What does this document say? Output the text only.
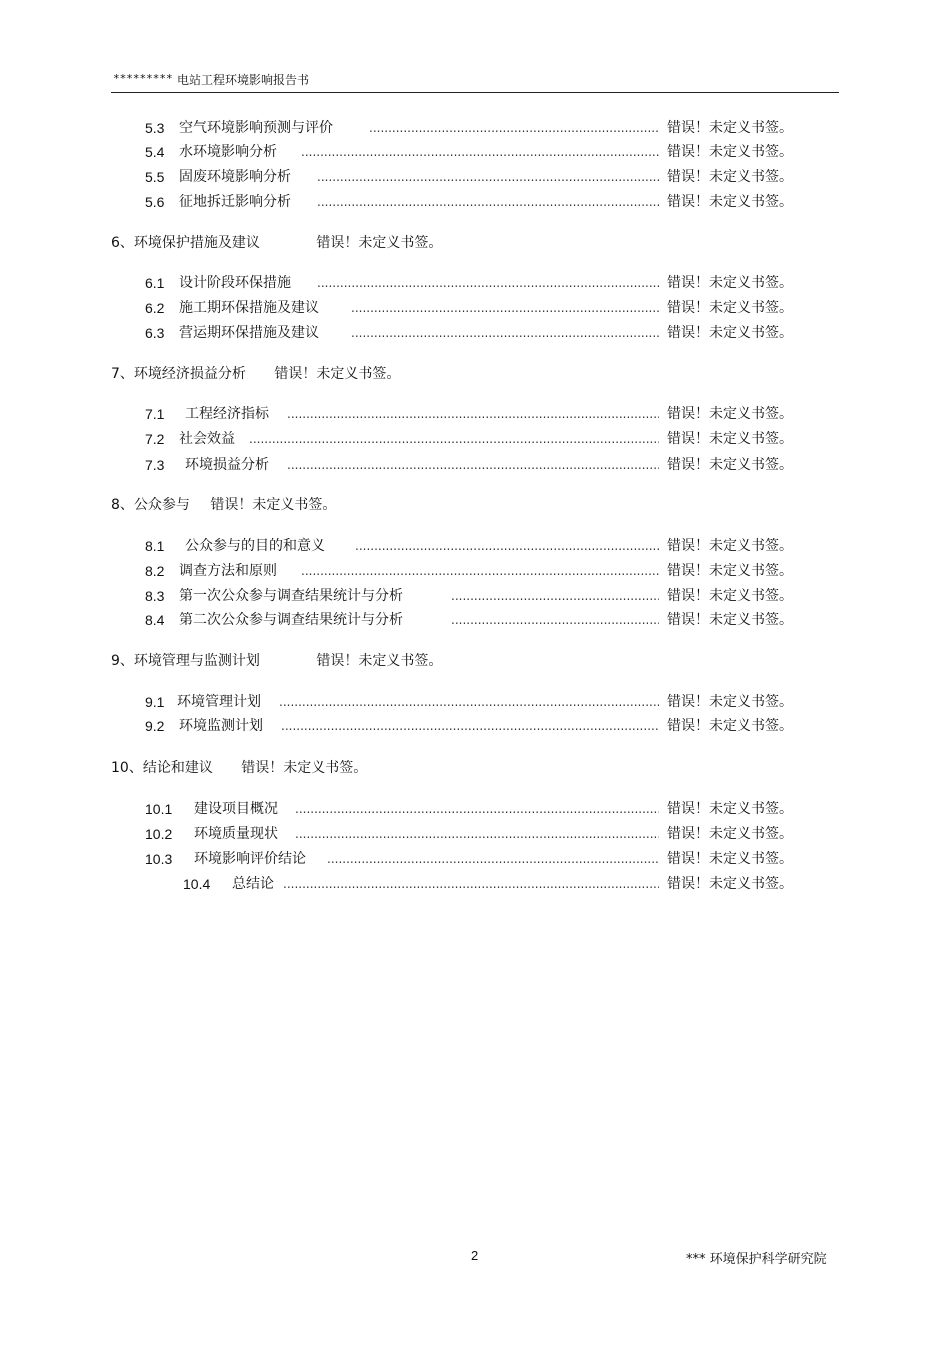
********* 电站工程环境影响报告书
5.3 空气环境影响预测与评价 .....	错误！未定义书签。
5.4 水环境影响分析 .....	错误！未定义书签。
5.5 固废环境影响分析 .....	错误！未定义书签。
5.6 征地拆迁影响分析 .....	错误！未定义书签。
6、环境保护措施及建议	错误！未定义书签。
6.1 设计阶段环保措施 .....	错误！未定义书签。
6.2 施工期环保措施及建议 .....	错误！未定义书签。
6.3 营运期环保措施及建议 .....	错误！未定义书签。
7、环境经济损益分析 错误！未定义书签。
7.1 工程经济指标 .....	错误！未定义书签。
7.2 社会效益 .....	错误！未定义书签。
7.3 环境损益分析 .....	错误！未定义书签。
8、公众参与 错误！未定义书签。
8.1 公众参与的目的和意义 .....	错误！未定义书签。
8.2 调查方法和原则 .....	错误！未定义书签。
8.3 第一次公众参与调查结果统计与分析 .....	错误！未定义书签。
8.4 第二次公众参与调查结果统计与分析 .....	错误！未定义书签。
9、环境管理与监测计划	错误！未定义书签。
9.1 环境管理计划 .....	错误！未定义书签。
9.2 环境监测计划 .....	错误！未定义书签。
10、结论和建议 错误！未定义书签。
10.1 建设项目概况 .....	错误！未定义书签。
10.2 环境质量现状 .....	错误！未定义书签。
10.3 环境影响评价结论 .....	错误！未定义书签。
10.4 总结论 .....	错误！未定义书签。
2	*** 环境保护科学研究院
